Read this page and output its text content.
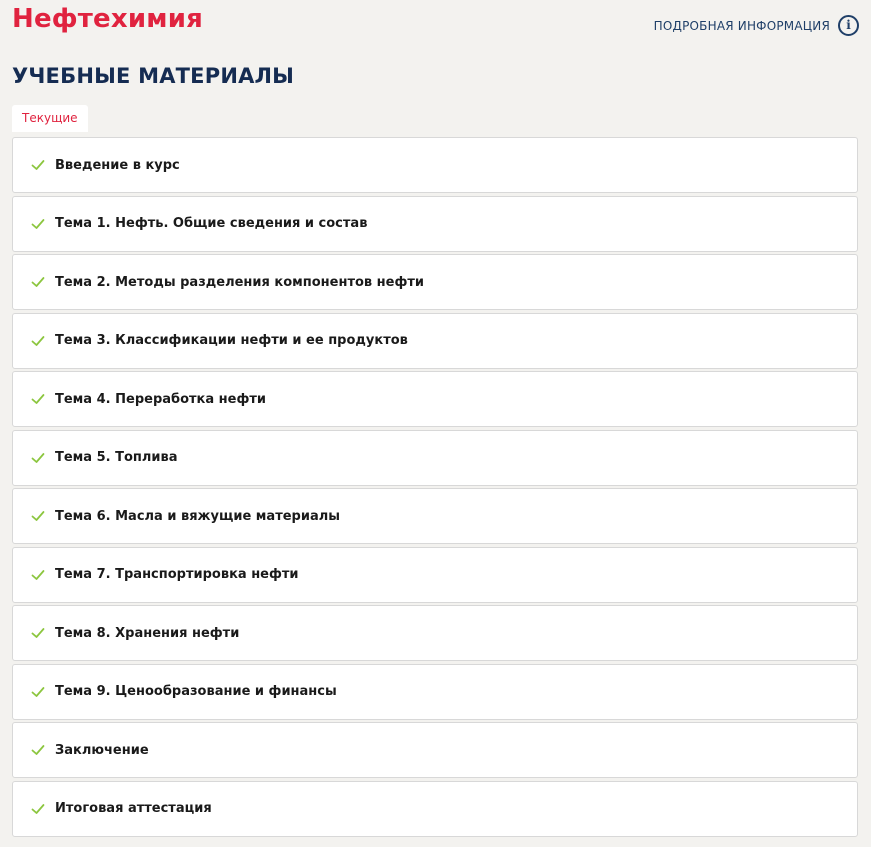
Нефтехимия	ПОДРОБНАЯ ИНФОРМАЦИЯ	i
УЧЕБНЫЕ МАТЕРИАЛЫ
Текущие
Введение в курс
Тема 1. Нефть. Общие сведения и состав
Тема 2. Методы разделения компонентов нефти
Тема 3. Классификации нефти и ее продуктов
Тема 4. Переработка нефти
Тема 5. Топлива
Тема 6. Масла и вяжущие материалы
Тема 7. Транспортировка нефти
Тема 8. Хранения нефти
Тема 9. Ценообразование и финансы
Заключение
Итоговая аттестация
